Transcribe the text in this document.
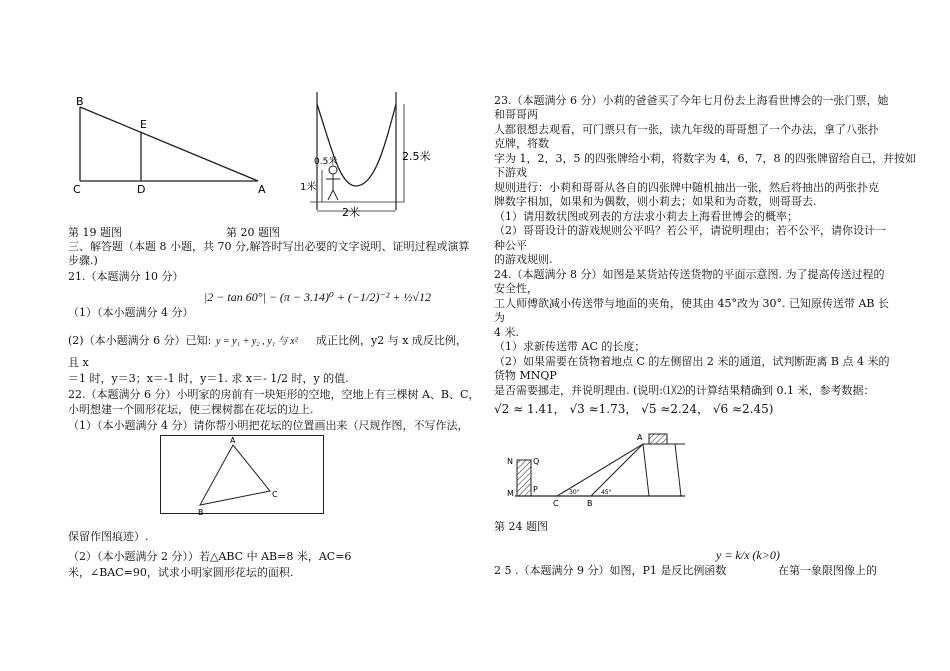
B
E
C	D	A
0.5米
1米
2.5米
2米
第 19 题图	第 20 题图
三、解答题（本题 8 小题，共 70 分,解答时写出必要的文字说明、证明过程或演算
步骤.)
21.（本题满分 10 分）
（1）（本小题满分 4 分）
|2 − tan 60°| − (π − 3.14)⁰ + (−1/2)⁻² + ½√12
(2)（本小题满分 6 分）已知: y = y₁ + y₂ , y₁ 与 x² 成正比例，y2 与 x 成反比例，
且 x
＝1 时，y＝3；x＝-1 时，y＝1. 求 x＝- 1/2 时，y 的值.
22.（本题满分 6 分）小明家的房前有一块矩形的空地，空地上有三棵树 A、B、C，
小明想建一个圆形花坛，使三棵树都在花坛的边上.
（1）（本小题满分 4 分）请你帮小明把花坛的位置画出来（尺规作图，不写作法，
A
B
C
保留作图痕迹）.
（2）（本小题满分 2 分））若△ABC 中 AB=8 米，AC=6
米，∠BAC=90，试求小明家圆形花坛的面积.
23.（本题满分 6 分）小莉的爸爸买了今年七月份去上海看世博会的一张门票，她
和哥哥两
人都很想去观看，可门票只有一张，读九年级的哥哥想了一个办法，拿了八张扑
克牌，将数
字为 1，2，3，5 的四张牌给小莉，将数字为 4，6，7，8 的四张牌留给自己，并按如
下游戏
规则进行：小莉和哥哥从各自的四张牌中随机抽出一张，然后将抽出的两张扑克
牌数字相加，如果和为偶数，则小莉去；如果和为奇数，则哥哥去.
（1）请用数状图或列表的方法求小莉去上海看世博会的概率；
（2）哥哥设计的游戏规则公平吗？若公平，请说明理由；若不公平，请你设计一
种公平
的游戏规则.
24.（本题满分 8 分）如图是某货站传送货物的平面示意图. 为了提高传送过程的
安全性，
工人师傅欲减小传送带与地面的夹角，使其由 45°改为 30°. 已知原传送带 AB 长
为
4 米.
（1）求新传送带 AC 的长度；
（2）如果需要在货物着地点 C 的左侧留出 2 米的通道，试判断距离 B 点 4 米的
货物 MNQP
是否需要挪走，并说明理由. (说明:⑴⑵的计算结果精确到 0.1 米，参考数据：
√2 ≈ 1.41， √3 ≈1.73， √5 ≈2.24， √6 ≈2.45)
N	Q
M P
C	B
A
30°	45°
第 24 题图
y = k/x (k>0)
2 5 .（本题满分 9 分）如图，P1 是反比例函数	在第一象限图像上的
